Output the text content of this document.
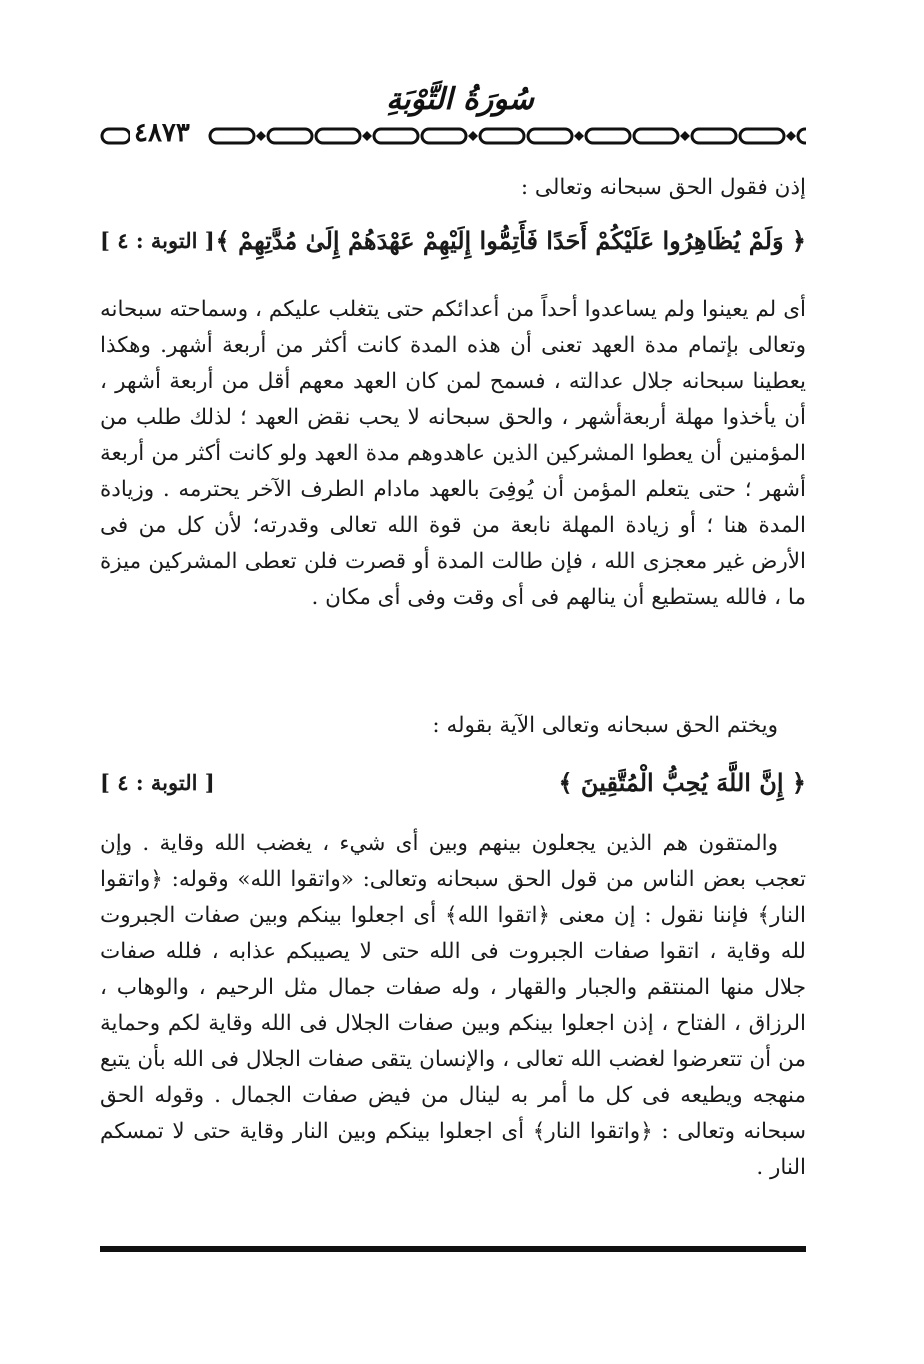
سُورَةُ التَّوْبَةِ
٤٨٧٣
إذن فقول الحق سبحانه وتعالى :
﴿ وَلَمْ يُظَاهِرُوا عَلَيْكُمْ أَحَدًا فَأَتِمُّوا إِلَيْهِمْ عَهْدَهُمْ إِلَىٰ مُدَّتِهِمْ ﴾
[ التوبة : ٤ ]
أى لم يعينوا ولم يساعدوا أحداً من أعدائكم حتى يتغلب عليكم ، وسماحته سبحانه وتعالى بإتمام مدة العهد تعنى أن هذه المدة كانت أكثر من أربعة أشهر. وهكذا يعطينا سبحانه جلال عدالته ، فسمح لمن كان العهد معهم أقل من أربعة أشهر ، أن يأخذوا مهلة أربعةأشهر ، والحق سبحانه لا يحب نقض العهد ؛ لذلك طلب من المؤمنين أن يعطوا المشركين الذين عاهدوهم مدة العهد ولو كانت أكثر من أربعة أشهر ؛ حتى يتعلم المؤمن أن يُوفِىَ بالعهد مادام الطرف الآخر يحترمه . وزيادة المدة هنا ؛ أو زيادة المهلة نابعة من قوة الله تعالى وقدرته؛ لأن كل من فى الأرض غير معجزى الله ، فإن طالت المدة أو قصرت فلن تعطى المشركين ميزة ما ، فالله يستطيع أن ينالهم فى أى وقت وفى أى مكان .
ويختم الحق سبحانه وتعالى الآية بقوله :
﴿ إِنَّ اللَّهَ يُحِبُّ الْمُتَّقِينَ ﴾
[ التوبة : ٤ ]
والمتقون هم الذين يجعلون بينهم وبين أى شيء ، يغضب الله وقاية . وإن تعجب بعض الناس من قول الحق سبحانه وتعالى: «واتقوا الله» وقوله: ﴿واتقوا النار﴾ فإننا نقول : إن معنى ﴿اتقوا الله﴾ أى اجعلوا بينكم وبين صفات الجبروت لله وقاية ، اتقوا صفات الجبروت فى الله حتى لا يصيبكم عذابه ، فلله صفات جلال منها المنتقم والجبار والقهار ، وله صفات جمال مثل الرحيم ، والوهاب ، الرزاق ، الفتاح ، إذن اجعلوا بينكم وبين صفات الجلال فى الله وقاية لكم وحماية من أن تتعرضوا لغضب الله تعالى ، والإنسان يتقى صفات الجلال فى الله بأن يتبع منهجه ويطيعه فى كل ما أمر به لينال من فيض صفات الجمال . وقوله الحق سبحانه وتعالى : ﴿واتقوا النار﴾ أى اجعلوا بينكم وبين النار وقاية حتى لا تمسكم النار .
